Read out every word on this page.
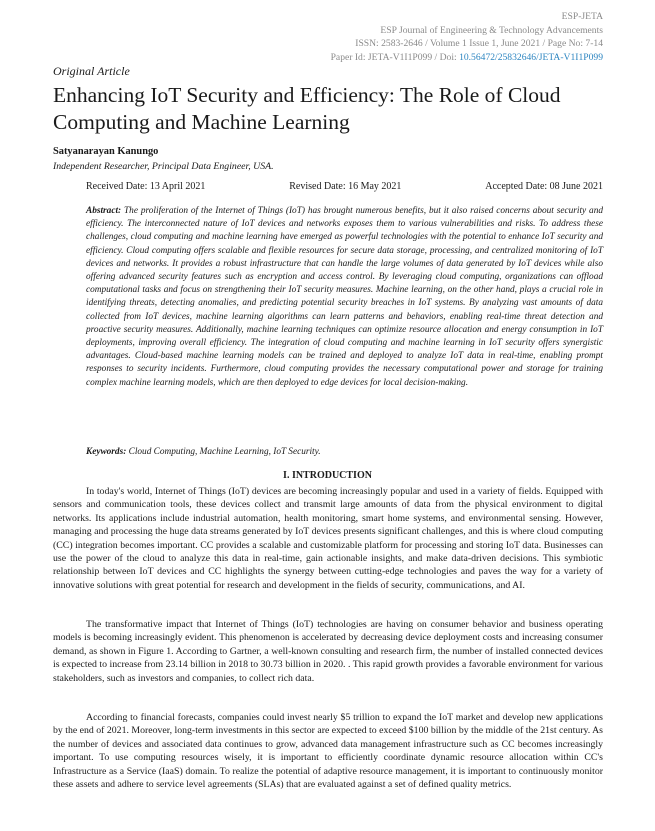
ESP-JETA
ESP Journal of Engineering & Technology Advancements
ISSN: 2583-2646 / Volume 1 Issue 1, June 2021 / Page No: 7-14
Paper Id: JETA-V1I1P099 / Doi: 10.56472/25832646/JETA-V1I1P099
Original Article
Enhancing IoT Security and Efficiency: The Role of Cloud Computing and Machine Learning
Satyanarayan Kanungo
Independent Researcher, Principal Data Engineer, USA.
Received Date: 13 April 2021	Revised Date: 16 May 2021	Accepted Date: 08 June 2021
Abstract: The proliferation of the Internet of Things (IoT) has brought numerous benefits, but it also raised concerns about security and efficiency. The interconnected nature of IoT devices and networks exposes them to various vulnerabilities and risks. To address these challenges, cloud computing and machine learning have emerged as powerful technologies with the potential to enhance IoT security and efficiency. Cloud computing offers scalable and flexible resources for secure data storage, processing, and centralized monitoring of IoT devices and networks. It provides a robust infrastructure that can handle the large volumes of data generated by IoT devices while also offering advanced security features such as encryption and access control. By leveraging cloud computing, organizations can offload computational tasks and focus on strengthening their IoT security measures. Machine learning, on the other hand, plays a crucial role in identifying threats, detecting anomalies, and predicting potential security breaches in IoT systems. By analyzing vast amounts of data collected from IoT devices, machine learning algorithms can learn patterns and behaviors, enabling real-time threat detection and proactive security measures. Additionally, machine learning techniques can optimize resource allocation and energy consumption in IoT deployments, improving overall efficiency. The integration of cloud computing and machine learning in IoT security offers synergistic advantages. Cloud-based machine learning models can be trained and deployed to analyze IoT data in real-time, enabling prompt responses to security incidents. Furthermore, cloud computing provides the necessary computational power and storage for training complex machine learning models, which are then deployed to edge devices for local decision-making.
Keywords: Cloud Computing, Machine Learning, IoT Security.
I. INTRODUCTION

In today's world, Internet of Things (IoT) devices are becoming increasingly popular and used in a variety of fields. Equipped with sensors and communication tools, these devices collect and transmit large amounts of data from the physical environment to digital networks. Its applications include industrial automation, health monitoring, smart home systems, and environmental sensing. However, managing and processing the huge data streams generated by IoT devices presents significant challenges, and this is where cloud computing (CC) integration becomes important. CC provides a scalable and customizable platform for processing and storing IoT data. Businesses can use the power of the cloud to analyze this data in real-time, gain actionable insights, and make data-driven decisions. This symbiotic relationship between IoT devices and CC highlights the synergy between cutting-edge technologies and paves the way for a variety of innovative solutions with great potential for research and development in the fields of security, communications, and AI.

The transformative impact that Internet of Things (IoT) technologies are having on consumer behavior and business operating models is becoming increasingly evident. This phenomenon is accelerated by decreasing device deployment costs and increasing consumer demand, as shown in Figure 1. According to Gartner, a well-known consulting and research firm, the number of installed connected devices is expected to increase from 23.14 billion in 2018 to 30.73 billion in 2020. . This rapid growth provides a favorable environment for various stakeholders, such as investors and companies, to collect rich data.

According to financial forecasts, companies could invest nearly $5 trillion to expand the IoT market and develop new applications by the end of 2021. Moreover, long-term investments in this sector are expected to exceed $100 billion by the middle of the 21st century. As the number of devices and associated data continues to grow, advanced data management infrastructure such as CC becomes increasingly important. To use computing resources wisely, it is important to efficiently coordinate dynamic resource allocation within CC's Infrastructure as a Service (IaaS) domain. To realize the potential of adaptive resource management, it is important to continuously monitor these assets and adhere to service level agreements (SLAs) that are evaluated against a set of defined quality metrics.
